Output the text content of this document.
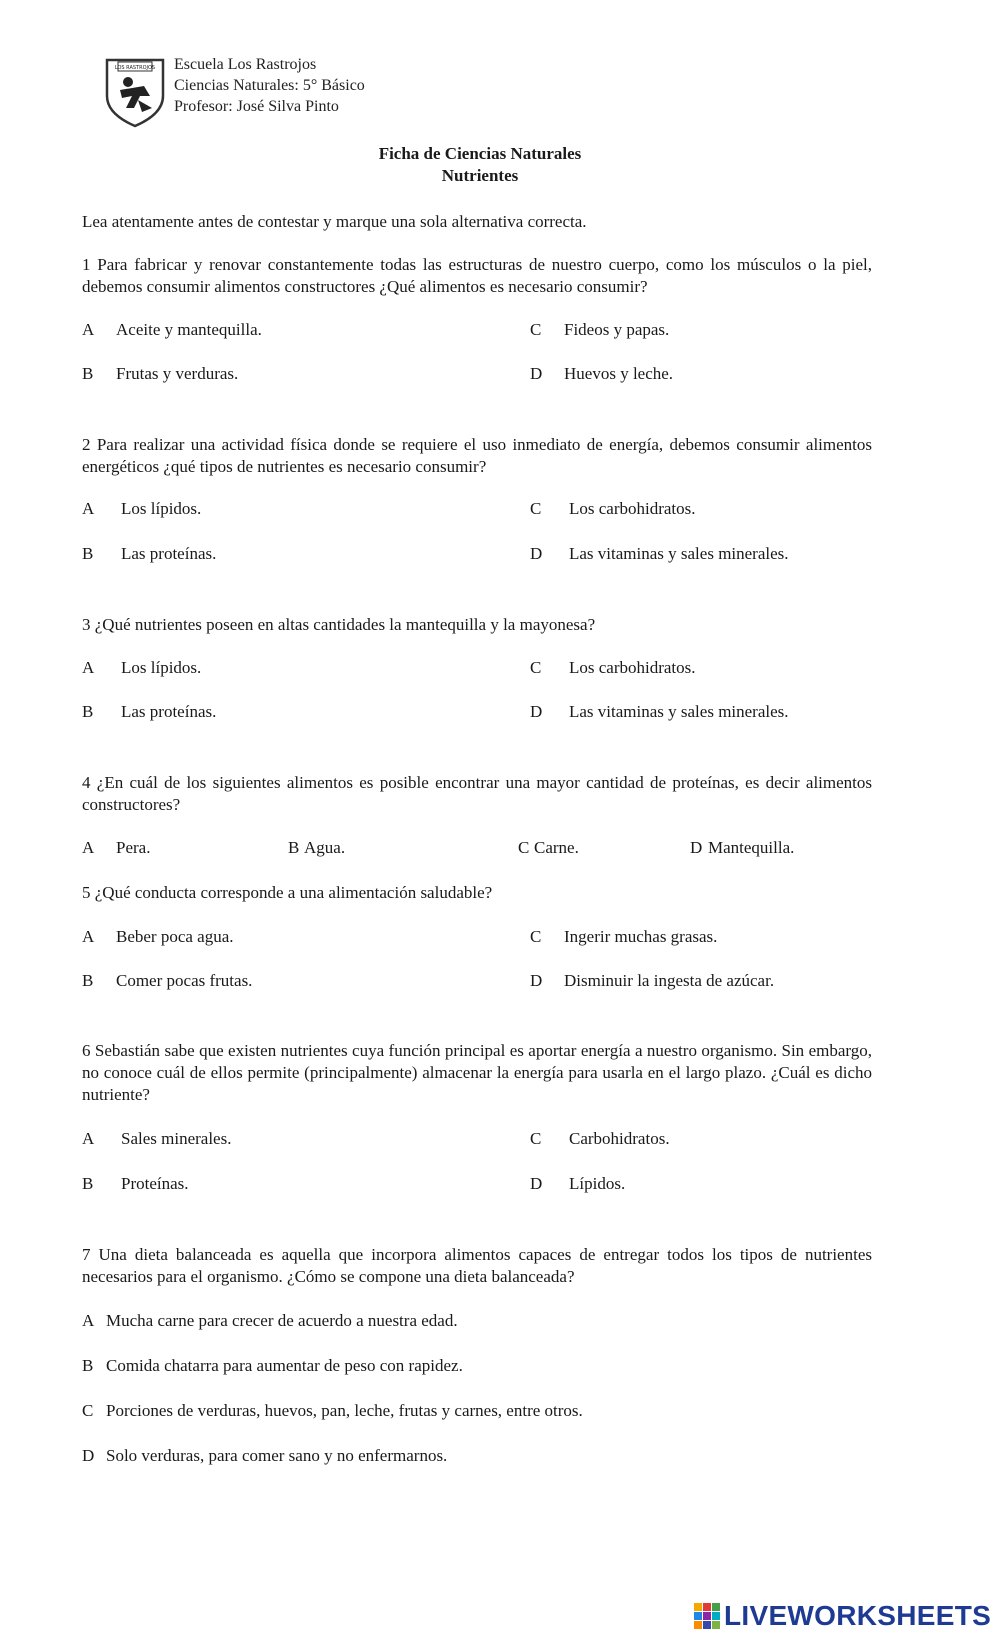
LOS RASTROJOS Escuela Los Rastrojos
Ciencias Naturales: 5° Básico
Profesor: José Silva Pinto
Ficha de Ciencias Naturales
Nutrientes
Lea atentamente antes de contestar y marque una sola alternativa correcta.
1 Para fabricar y renovar constantemente todas las estructuras de nuestro cuerpo, como los músculos o la piel, debemos consumir alimentos constructores ¿Qué alimentos es necesario consumir?
A Aceite y mantequilla.	C Fideos y papas.
B Frutas y verduras.	D Huevos y leche.
2 Para realizar una actividad física donde se requiere el uso inmediato de energía, debemos consumir alimentos energéticos ¿qué tipos de nutrientes es necesario consumir?
A Los lípidos.	C Los carbohidratos.
B Las proteínas.	D Las vitaminas y sales minerales.
3 ¿Qué nutrientes poseen en altas cantidades la mantequilla y la mayonesa?
A Los lípidos.	C Los carbohidratos.
B Las proteínas.	D Las vitaminas y sales minerales.
4 ¿En cuál de los siguientes alimentos es posible encontrar una mayor cantidad de proteínas, es decir alimentos constructores?
A Pera.	B Agua.	C Carne.	D Mantequilla.
5 ¿Qué conducta corresponde a una alimentación saludable?
A Beber poca agua.	C Ingerir muchas grasas.
B Comer pocas frutas.	D Disminuir la ingesta de azúcar.
6 Sebastián sabe que existen nutrientes cuya función principal es aportar energía a nuestro organismo. Sin embargo, no conoce cuál de ellos permite (principalmente) almacenar la energía para usarla en el largo plazo. ¿Cuál es dicho nutriente?
A Sales minerales.	C Carbohidratos.
B Proteínas.	D Lípidos.
7 Una dieta balanceada es aquella que incorpora alimentos capaces de entregar todos los tipos de nutrientes necesarios para el organismo. ¿Cómo se compone una dieta balanceada?
A Mucha carne para crecer de acuerdo a nuestra edad.
B Comida chatarra para aumentar de peso con rapidez.
C Porciones de verduras, huevos, pan, leche, frutas y carnes, entre otros.
D Solo verduras, para comer sano y no enfermarnos.
LIVEWORKSHEETS
